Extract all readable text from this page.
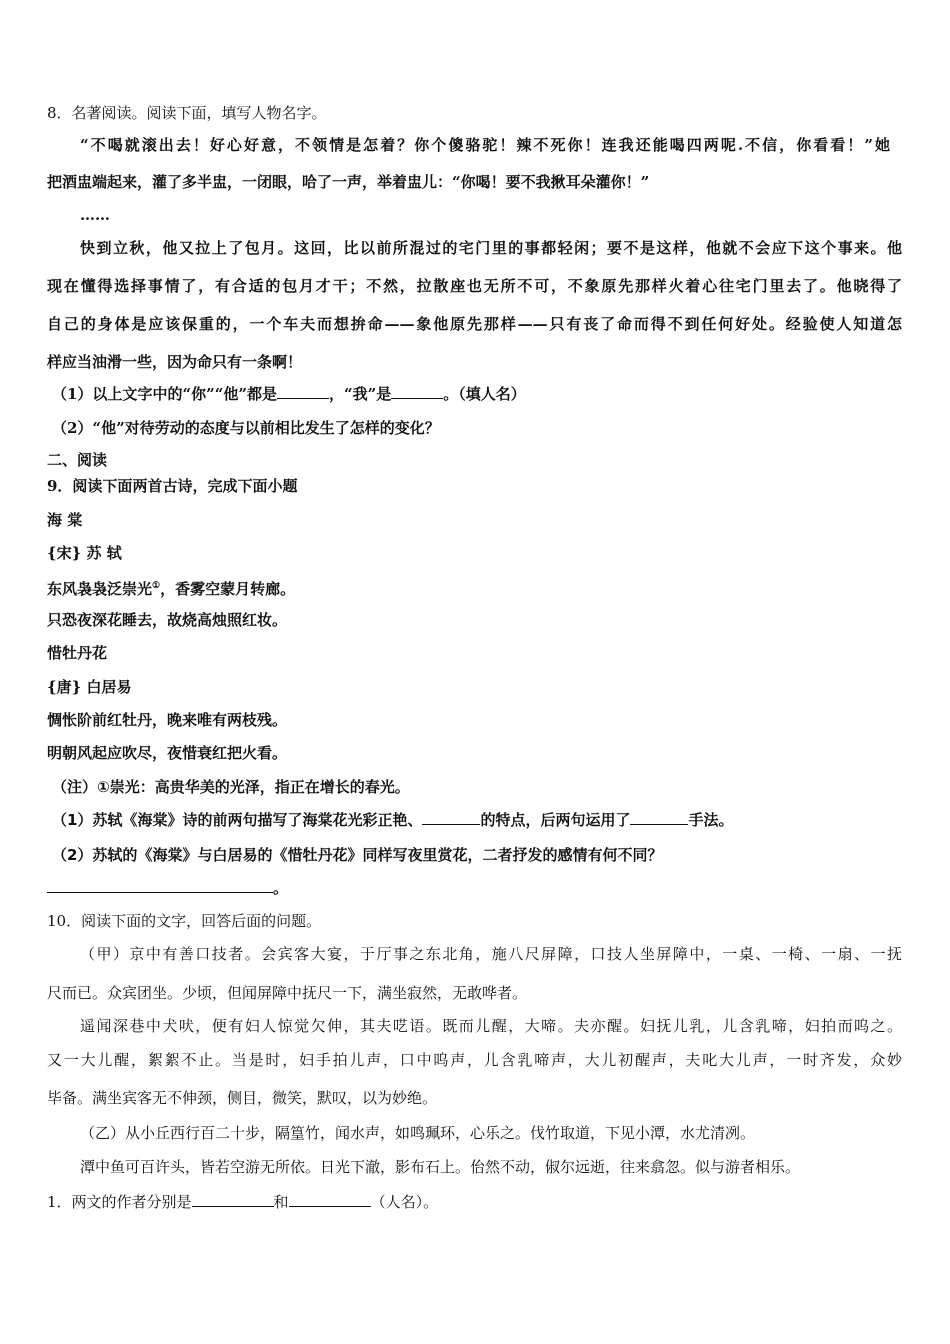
8．名著阅读。阅读下面，填写人物名字。
“不喝就滚出去！好心好意，不领情是怎着？你个傻骆驼！辣不死你！连我还能喝四两呢.不信，你看看！”她
把酒盅端起来，灌了多半盅，一闭眼，哈了一声，举着盅儿：“你喝！要不我揪耳朵灌你！”
……
快到立秋，他又拉上了包月。这回，比以前所混过的宅门里的事都轻闲；要不是这样，他就不会应下这个事来。他
现在懂得选择事情了，有合适的包月才干；不然，拉散座也无所不可，不象原先那样火着心往宅门里去了。他晓得了
自己的身体是应该保重的，一个车夫而想拚命——象他原先那样——只有丧了命而得不到任何好处。经验使人知道怎
样应当油滑一些，因为命只有一条啊！
（1）以上文字中的“你”“他”都是	，“我”是	。（填人名）
（2）“他”对待劳动的态度与以前相比发生了怎样的变化？
二、阅读
9．阅读下面两首古诗，完成下面小题
海 棠
{宋} 苏 轼
东风袅袅泛崇光①，香雾空蒙月转廊。
只恐夜深花睡去，故烧高烛照红妆。
惜牡丹花
{唐} 白居易
惆怅阶前红牡丹，晚来唯有两枝残。
明朝风起应吹尽，夜惜衰红把火看。
（注）①崇光：高贵华美的光泽，指正在增长的春光。
（1）苏轼《海棠》诗的前两句描写了海棠花光彩正艳、	的特点，后两句运用了	手法。
（2）苏轼的《海棠》与白居易的《惜牡丹花》同样写夜里赏花，二者抒发的感情有何不同？
。
10．阅读下面的文字，回答后面的问题。
（甲）京中有善口技者。会宾客大宴，于厅事之东北角，施八尺屏障，口技人坐屏障中，一桌、一椅、一扇、一抚
尺而已。众宾团坐。少顷，但闻屏障中抚尺一下，满坐寂然，无敢哗者。
遥闻深巷中犬吠，便有妇人惊觉欠伸，其夫呓语。既而儿醒，大啼。夫亦醒。妇抚儿乳，儿含乳啼，妇拍而呜之。
又一大儿醒，絮絮不止。当是时，妇手拍儿声，口中呜声，儿含乳啼声，大儿初醒声，夫叱大儿声，一时齐发，众妙
毕备。满坐宾客无不伸颈，侧目，微笑，默叹，以为妙绝。
（乙）从小丘西行百二十步，隔篁竹，闻水声，如鸣珮环，心乐之。伐竹取道，下见小潭，水尤清冽。
潭中鱼可百许头，皆若空游无所依。日光下澈，影布石上。佁然不动，俶尔远逝，往来翕忽。似与游者相乐。
1．两文的作者分别是	和	（人名）。
